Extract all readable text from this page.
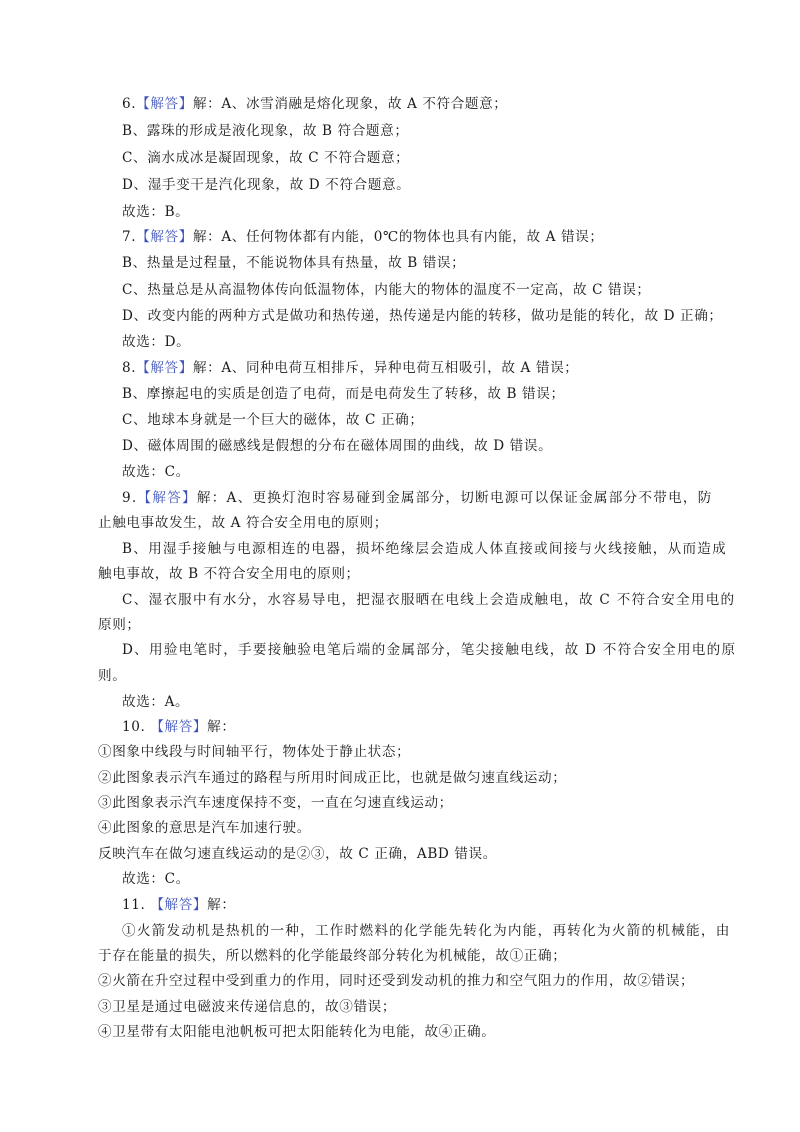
6.【解答】解：A、冰雪消融是熔化现象，故 A 不符合题意；
B、露珠的形成是液化现象，故 B 符合题意；
C、滴水成冰是凝固现象，故 C 不符合题意；
D、湿手变干是汽化现象，故 D 不符合题意。
故选：B。
7.【解答】解：A、任何物体都有内能，0℃的物体也具有内能，故 A 错误；
B、热量是过程量，不能说物体具有热量，故 B 错误；
C、热量总是从高温物体传向低温物体，内能大的物体的温度不一定高，故 C 错误；
D、改变内能的两种方式是做功和热传递，热传递是内能的转移，做功是能的转化，故 D 正确；
故选：D。
8.【解答】解：A、同种电荷互相排斥，异种电荷互相吸引，故 A 错误；
B、摩擦起电的实质是创造了电荷，而是电荷发生了转移，故 B 错误；
C、地球本身就是一个巨大的磁体，故 C 正确；
D、磁体周围的磁感线是假想的分布在磁体周围的曲线，故 D 错误。
故选：C。
9.【解答】解：A、更换灯泡时容易碰到金属部分，切断电源可以保证金属部分不带电，防
止触电事故发生，故 A 符合安全用电的原则；
B、用湿手接触与电源相连的电器，损坏绝缘层会造成人体直接或间接与火线接触，从而造成
触电事故，故 B 不符合安全用电的原则；
C、湿衣服中有水分，水容易导电，把湿衣服晒在电线上会造成触电，故 C 不符合安全用电的
原则；
D、用验电笔时，手要接触验电笔后端的金属部分，笔尖接触电线，故 D 不符合安全用电的原
则。
故选：A。
10. 【解答】解：
①图象中线段与时间轴平行，物体处于静止状态；
②此图象表示汽车通过的路程与所用时间成正比，也就是做匀速直线运动；
③此图象表示汽车速度保持不变，一直在匀速直线运动；
④此图象的意思是汽车加速行驶。
反映汽车在做匀速直线运动的是②③，故 C 正确，ABD 错误。
故选：C。
11. 【解答】解：
①火箭发动机是热机的一种，工作时燃料的化学能先转化为内能，再转化为火箭的机械能，由
于存在能量的损失，所以燃料的化学能最终部分转化为机械能，故①正确；
②火箭在升空过程中受到重力的作用，同时还受到发动机的推力和空气阻力的作用，故②错误；
③卫星是通过电磁波来传递信息的，故③错误；
④卫星带有太阳能电池帆板可把太阳能转化为电能，故④正确。
